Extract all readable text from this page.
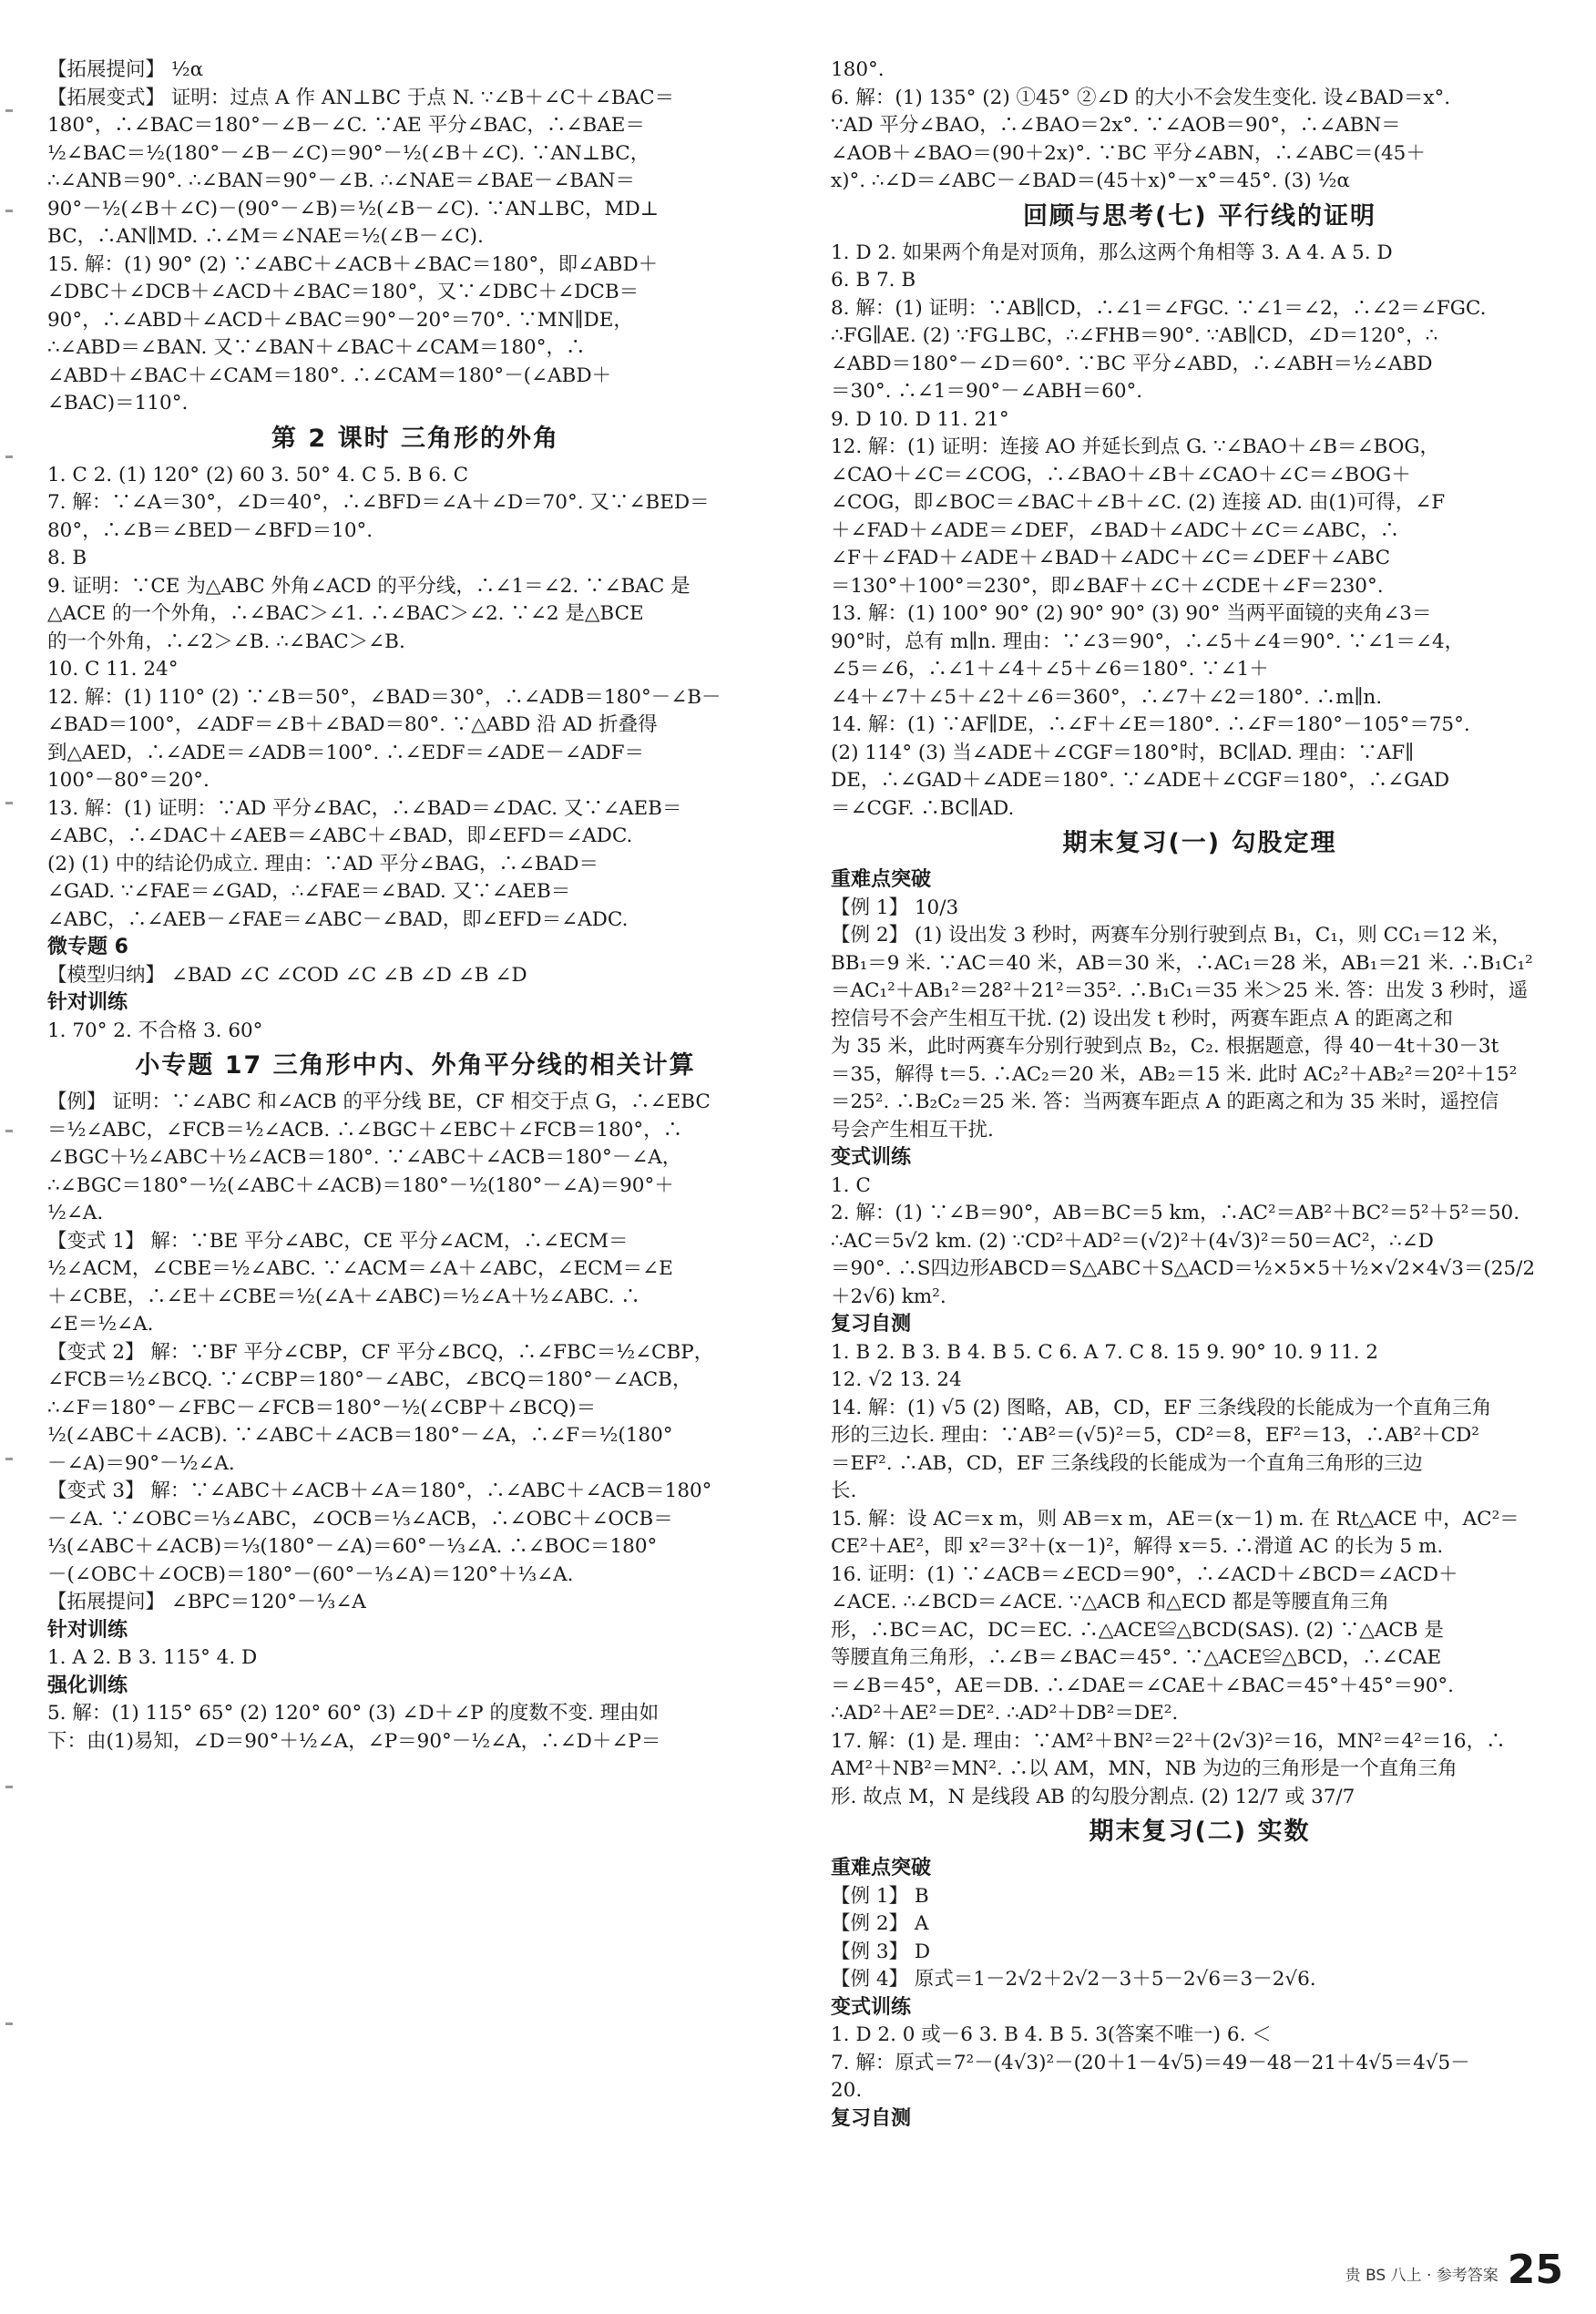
【拓展提问】 ½α
【拓展变式】 证明：过点 A 作 AN⊥BC 于点 N. ∵∠B＋∠C＋∠BAC＝
180°，∴∠BAC＝180°－∠B－∠C. ∵AE 平分∠BAC，∴∠BAE＝
½∠BAC＝½(180°－∠B－∠C)＝90°－½(∠B＋∠C). ∵AN⊥BC，
∴∠ANB＝90°. ∴∠BAN＝90°－∠B. ∴∠NAE＝∠BAE－∠BAN＝
90°－½(∠B＋∠C)－(90°－∠B)＝½(∠B－∠C). ∵AN⊥BC，MD⊥
BC，∴AN∥MD. ∴∠M＝∠NAE＝½(∠B－∠C).
15. 解：(1) 90° (2) ∵∠ABC＋∠ACB＋∠BAC＝180°，即∠ABD＋
∠DBC＋∠DCB＋∠ACD＋∠BAC＝180°，又∵∠DBC＋∠DCB＝
90°，∴∠ABD＋∠ACD＋∠BAC＝90°－20°＝70°. ∵MN∥DE，
∴∠ABD＝∠BAN. 又∵∠BAN＋∠BAC＋∠CAM＝180°，∴
∠ABD＋∠BAC＋∠CAM＝180°. ∴∠CAM＝180°－(∠ABD＋
∠BAC)＝110°.
第 2 课时 三角形的外角
1. C 2. (1) 120° (2) 60 3. 50° 4. C 5. B 6. C
7. 解：∵∠A＝30°，∠D＝40°，∴∠BFD＝∠A＋∠D＝70°. 又∵∠BED＝
80°，∴∠B＝∠BED－∠BFD＝10°.
8. B
9. 证明：∵CE 为△ABC 外角∠ACD 的平分线，∴∠1＝∠2. ∵∠BAC 是
△ACE 的一个外角，∴∠BAC＞∠1. ∴∠BAC＞∠2. ∵∠2 是△BCE
的一个外角，∴∠2＞∠B. ∴∠BAC＞∠B.
10. C 11. 24°
12. 解：(1) 110° (2) ∵∠B＝50°，∠BAD＝30°，∴∠ADB＝180°－∠B－
∠BAD＝100°，∠ADF＝∠B＋∠BAD＝80°. ∵△ABD 沿 AD 折叠得
到△AED，∴∠ADE＝∠ADB＝100°. ∴∠EDF＝∠ADE－∠ADF＝
100°－80°＝20°.
13. 解：(1) 证明：∵AD 平分∠BAC，∴∠BAD＝∠DAC. 又∵∠AEB＝
∠ABC，∴∠DAC＋∠AEB＝∠ABC＋∠BAD，即∠EFD＝∠ADC.
(2) (1) 中的结论仍成立. 理由：∵AD 平分∠BAG，∴∠BAD＝
∠GAD. ∵∠FAE＝∠GAD，∴∠FAE＝∠BAD. 又∵∠AEB＝
∠ABC，∴∠AEB－∠FAE＝∠ABC－∠BAD，即∠EFD＝∠ADC.
微专题 6
【模型归纳】 ∠BAD ∠C ∠COD ∠C ∠B ∠D ∠B ∠D
针对训练
1. 70° 2. 不合格 3. 60°
小专题 17 三角形中内、外角平分线的相关计算
【例】 证明：∵∠ABC 和∠ACB 的平分线 BE，CF 相交于点 G，∴∠EBC
＝½∠ABC，∠FCB＝½∠ACB. ∴∠BGC＋∠EBC＋∠FCB＝180°，∴
∠BGC＋½∠ABC＋½∠ACB＝180°. ∵∠ABC＋∠ACB＝180°－∠A，
∴∠BGC＝180°－½(∠ABC＋∠ACB)＝180°－½(180°－∠A)＝90°＋
½∠A.
【变式 1】 解：∵BE 平分∠ABC，CE 平分∠ACM，∴∠ECM＝
½∠ACM，∠CBE＝½∠ABC. ∵∠ACM＝∠A＋∠ABC，∠ECM＝∠E
＋∠CBE，∴∠E＋∠CBE＝½(∠A＋∠ABC)＝½∠A＋½∠ABC. ∴
∠E＝½∠A.
【变式 2】 解：∵BF 平分∠CBP，CF 平分∠BCQ，∴∠FBC＝½∠CBP，
∠FCB＝½∠BCQ. ∵∠CBP＝180°－∠ABC，∠BCQ＝180°－∠ACB，
∴∠F＝180°－∠FBC－∠FCB＝180°－½(∠CBP＋∠BCQ)＝
½(∠ABC＋∠ACB). ∵∠ABC＋∠ACB＝180°－∠A，∴∠F＝½(180°
－∠A)＝90°－½∠A.
【变式 3】 解：∵∠ABC＋∠ACB＋∠A＝180°，∴∠ABC＋∠ACB＝180°
－∠A. ∵∠OBC＝⅓∠ABC，∠OCB＝⅓∠ACB，∴∠OBC＋∠OCB＝
⅓(∠ABC＋∠ACB)＝⅓(180°－∠A)＝60°－⅓∠A. ∴∠BOC＝180°
－(∠OBC＋∠OCB)＝180°－(60°－⅓∠A)＝120°＋⅓∠A.
【拓展提问】 ∠BPC＝120°－⅓∠A
针对训练
1. A 2. B 3. 115° 4. D
强化训练
5. 解：(1) 115° 65° (2) 120° 60° (3) ∠D＋∠P 的度数不变. 理由如
下：由(1)易知，∠D＝90°＋½∠A，∠P＝90°－½∠A，∴∠D＋∠P＝
180°.
6. 解：(1) 135° (2) ①45° ②∠D 的大小不会发生变化. 设∠BAD＝x°.
∵AD 平分∠BAO，∴∠BAO＝2x°. ∵∠AOB＝90°，∴∠ABN＝
∠AOB＋∠BAO＝(90＋2x)°. ∵BC 平分∠ABN，∴∠ABC＝(45＋
x)°. ∴∠D＝∠ABC－∠BAD＝(45＋x)°－x°＝45°. (3) ½α
回顾与思考(七) 平行线的证明
1. D 2. 如果两个角是对顶角，那么这两个角相等 3. A 4. A 5. D
6. B 7. B
8. 解：(1) 证明：∵AB∥CD，∴∠1＝∠FGC. ∵∠1＝∠2，∴∠2＝∠FGC.
∴FG∥AE. (2) ∵FG⊥BC，∴∠FHB＝90°. ∵AB∥CD，∠D＝120°，∴
∠ABD＝180°－∠D＝60°. ∵BC 平分∠ABD，∴∠ABH＝½∠ABD
＝30°. ∴∠1＝90°－∠ABH＝60°.
9. D 10. D 11. 21°
12. 解：(1) 证明：连接 AO 并延长到点 G. ∵∠BAO＋∠B＝∠BOG，
∠CAO＋∠C＝∠COG，∴∠BAO＋∠B＋∠CAO＋∠C＝∠BOG＋
∠COG，即∠BOC＝∠BAC＋∠B＋∠C. (2) 连接 AD. 由(1)可得，∠F
＋∠FAD＋∠ADE＝∠DEF，∠BAD＋∠ADC＋∠C＝∠ABC，∴
∠F＋∠FAD＋∠ADE＋∠BAD＋∠ADC＋∠C＝∠DEF＋∠ABC
＝130°＋100°＝230°，即∠BAF＋∠C＋∠CDE＋∠F＝230°.
13. 解：(1) 100° 90° (2) 90° 90° (3) 90° 当两平面镜的夹角∠3＝
90°时，总有 m∥n. 理由：∵∠3＝90°，∴∠5＋∠4＝90°. ∵∠1＝∠4，
∠5＝∠6，∴∠1＋∠4＋∠5＋∠6＝180°. ∵∠1＋
∠4＋∠7＋∠5＋∠2＋∠6＝360°，∴∠7＋∠2＝180°. ∴m∥n.
14. 解：(1) ∵AF∥DE，∴∠F＋∠E＝180°. ∴∠F＝180°－105°＝75°.
(2) 114° (3) 当∠ADE＋∠CGF＝180°时，BC∥AD. 理由：∵AF∥
DE，∴∠GAD＋∠ADE＝180°. ∵∠ADE＋∠CGF＝180°，∴∠GAD
＝∠CGF. ∴BC∥AD.
期末复习(一) 勾股定理
重难点突破
【例 1】 10/3
【例 2】 (1) 设出发 3 秒时，两赛车分别行驶到点 B₁，C₁，则 CC₁＝12 米，
BB₁＝9 米. ∵AC＝40 米，AB＝30 米，∴AC₁＝28 米，AB₁＝21 米. ∴B₁C₁²
＝AC₁²＋AB₁²＝28²＋21²＝35². ∴B₁C₁＝35 米＞25 米. 答：出发 3 秒时，遥
控信号不会产生相互干扰. (2) 设出发 t 秒时，两赛车距点 A 的距离之和
为 35 米，此时两赛车分别行驶到点 B₂，C₂. 根据题意，得 40－4t＋30－3t
＝35，解得 t＝5. ∴AC₂＝20 米，AB₂＝15 米. 此时 AC₂²＋AB₂²＝20²＋15²
＝25². ∴B₂C₂＝25 米. 答：当两赛车距点 A 的距离之和为 35 米时，遥控信
号会产生相互干扰.
变式训练
1. C
2. 解：(1) ∵∠B＝90°，AB＝BC＝5 km，∴AC²＝AB²＋BC²＝5²＋5²＝50.
∴AC＝5√2 km. (2) ∵CD²＋AD²＝(√2)²＋(4√3)²＝50＝AC²，∴∠D
＝90°. ∴S四边形ABCD＝S△ABC＋S△ACD＝½×5×5＋½×√2×4√3＝(25/2
＋2√6) km².
复习自测
1. B 2. B 3. B 4. B 5. C 6. A 7. C 8. 15 9. 90° 10. 9 11. 2
12. √2 13. 24
14. 解：(1) √5 (2) 图略，AB，CD，EF 三条线段的长能成为一个直角三角
形的三边长. 理由：∵AB²＝(√5)²＝5，CD²＝8，EF²＝13，∴AB²＋CD²
＝EF². ∴AB，CD，EF 三条线段的长能成为一个直角三角形的三边
长.
15. 解：设 AC＝x m，则 AB＝x m，AE＝(x－1) m. 在 Rt△ACE 中，AC²＝
CE²＋AE²，即 x²＝3²＋(x－1)²，解得 x＝5. ∴滑道 AC 的长为 5 m.
16. 证明：(1) ∵∠ACB＝∠ECD＝90°，∴∠ACD＋∠BCD＝∠ACD＋
∠ACE. ∴∠BCD＝∠ACE. ∵△ACB 和△ECD 都是等腰直角三角
形，∴BC＝AC，DC＝EC. ∴△ACE≌△BCD(SAS). (2) ∵△ACB 是
等腰直角三角形，∴∠B＝∠BAC＝45°. ∵△ACE≌△BCD，∴∠CAE
＝∠B＝45°，AE＝DB. ∴∠DAE＝∠CAE＋∠BAC＝45°＋45°＝90°.
∴AD²＋AE²＝DE². ∴AD²＋DB²＝DE².
17. 解：(1) 是. 理由：∵AM²＋BN²＝2²＋(2√3)²＝16，MN²＝4²＝16，∴
AM²＋NB²＝MN². ∴以 AM，MN，NB 为边的三角形是一个直角三角
形. 故点 M，N 是线段 AB 的勾股分割点. (2) 12/7 或 37/7
期末复习(二) 实数
重难点突破
【例 1】 B
【例 2】 A
【例 3】 D
【例 4】 原式＝1－2√2＋2√2－3＋5－2√6＝3－2√6.
变式训练
1. D 2. 0 或－6 3. B 4. B 5. 3(答案不唯一) 6. ＜
7. 解：原式＝7²－(4√3)²－(20＋1－4√5)＝49－48－21＋4√5＝4√5－
20.
复习自测
贵 BS 八上 · 参考答案 25
